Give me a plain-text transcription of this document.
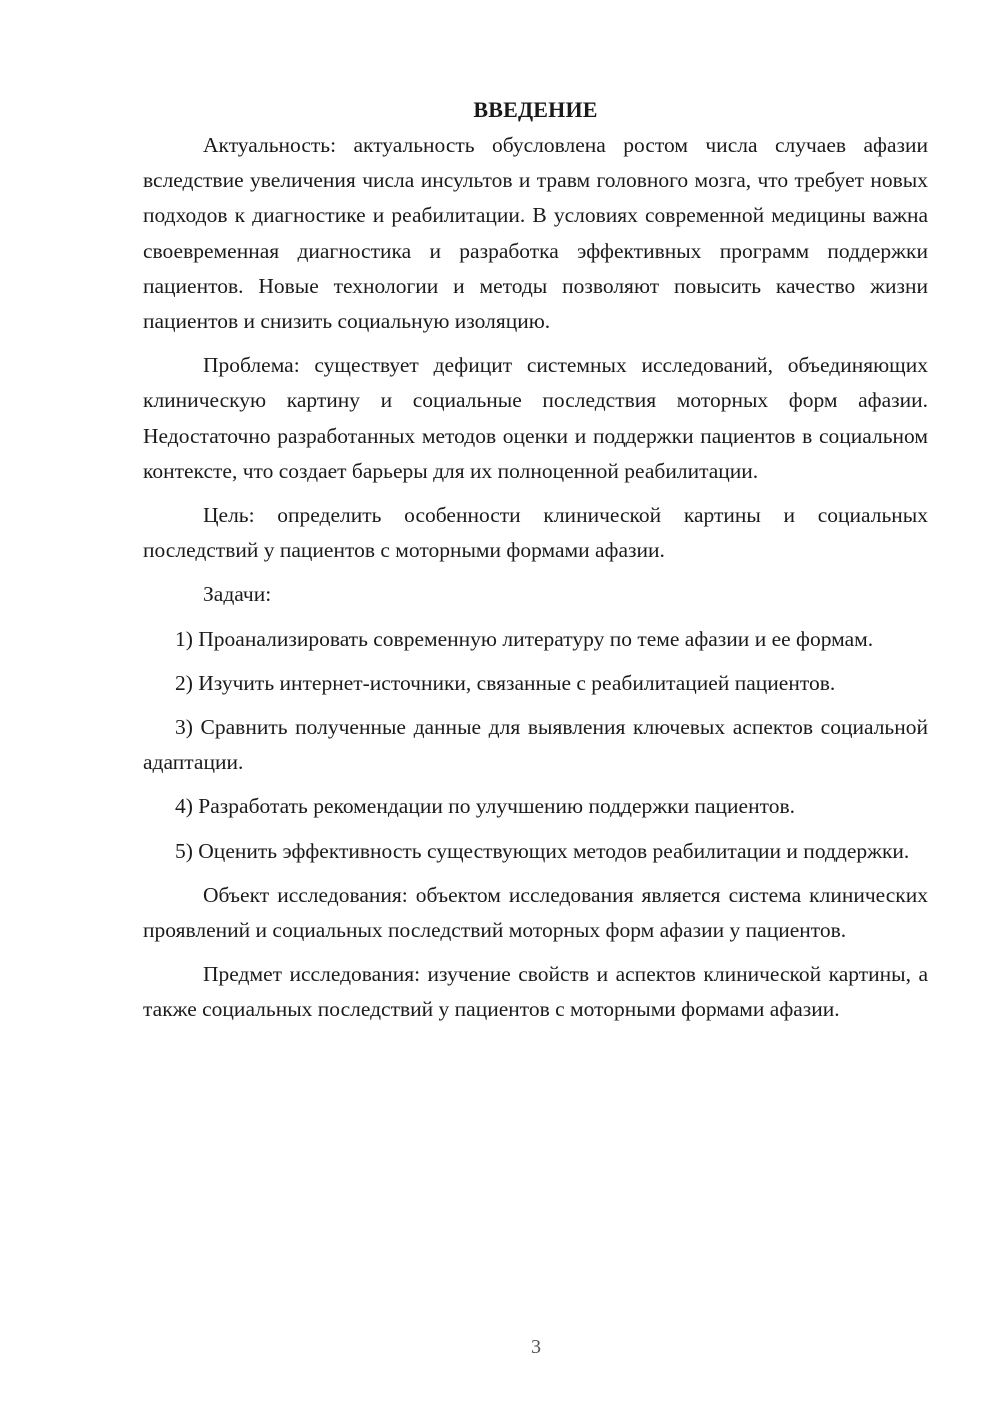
ВВЕДЕНИЕ

Актуальность: актуальность обусловлена ростом числа случаев афазии вследствие увеличения числа инсультов и травм головного мозга, что требует новых подходов к диагностике и реабилитации. В условиях современной медицины важна своевременная диагностика и разработка эффективных программ поддержки пациентов. Новые технологии и методы позволяют повысить качество жизни пациентов и снизить социальную изоляцию.

Проблема: существует дефицит системных исследований, объединяющих клиническую картину и социальные последствия моторных форм афазии. Недостаточно разработанных методов оценки и поддержки пациентов в социальном контексте, что создает барьеры для их полноценной реабилитации.

Цель: определить особенности клинической картины и социальных последствий у пациентов с моторными формами афазии.

Задачи:

1) Проанализировать современную литературу по теме афазии и ее формам.

2) Изучить интернет-источники, связанные с реабилитацией пациентов.

3) Сравнить полученные данные для выявления ключевых аспектов социальной адаптации.

4) Разработать рекомендации по улучшению поддержки пациентов.

5) Оценить эффективность существующих методов реабилитации и поддержки.

Объект исследования: объектом исследования является система клинических проявлений и социальных последствий моторных форм афазии у пациентов.

Предмет исследования: изучение свойств и аспектов клинической картины, а также социальных последствий у пациентов с моторными формами афазии.

3
